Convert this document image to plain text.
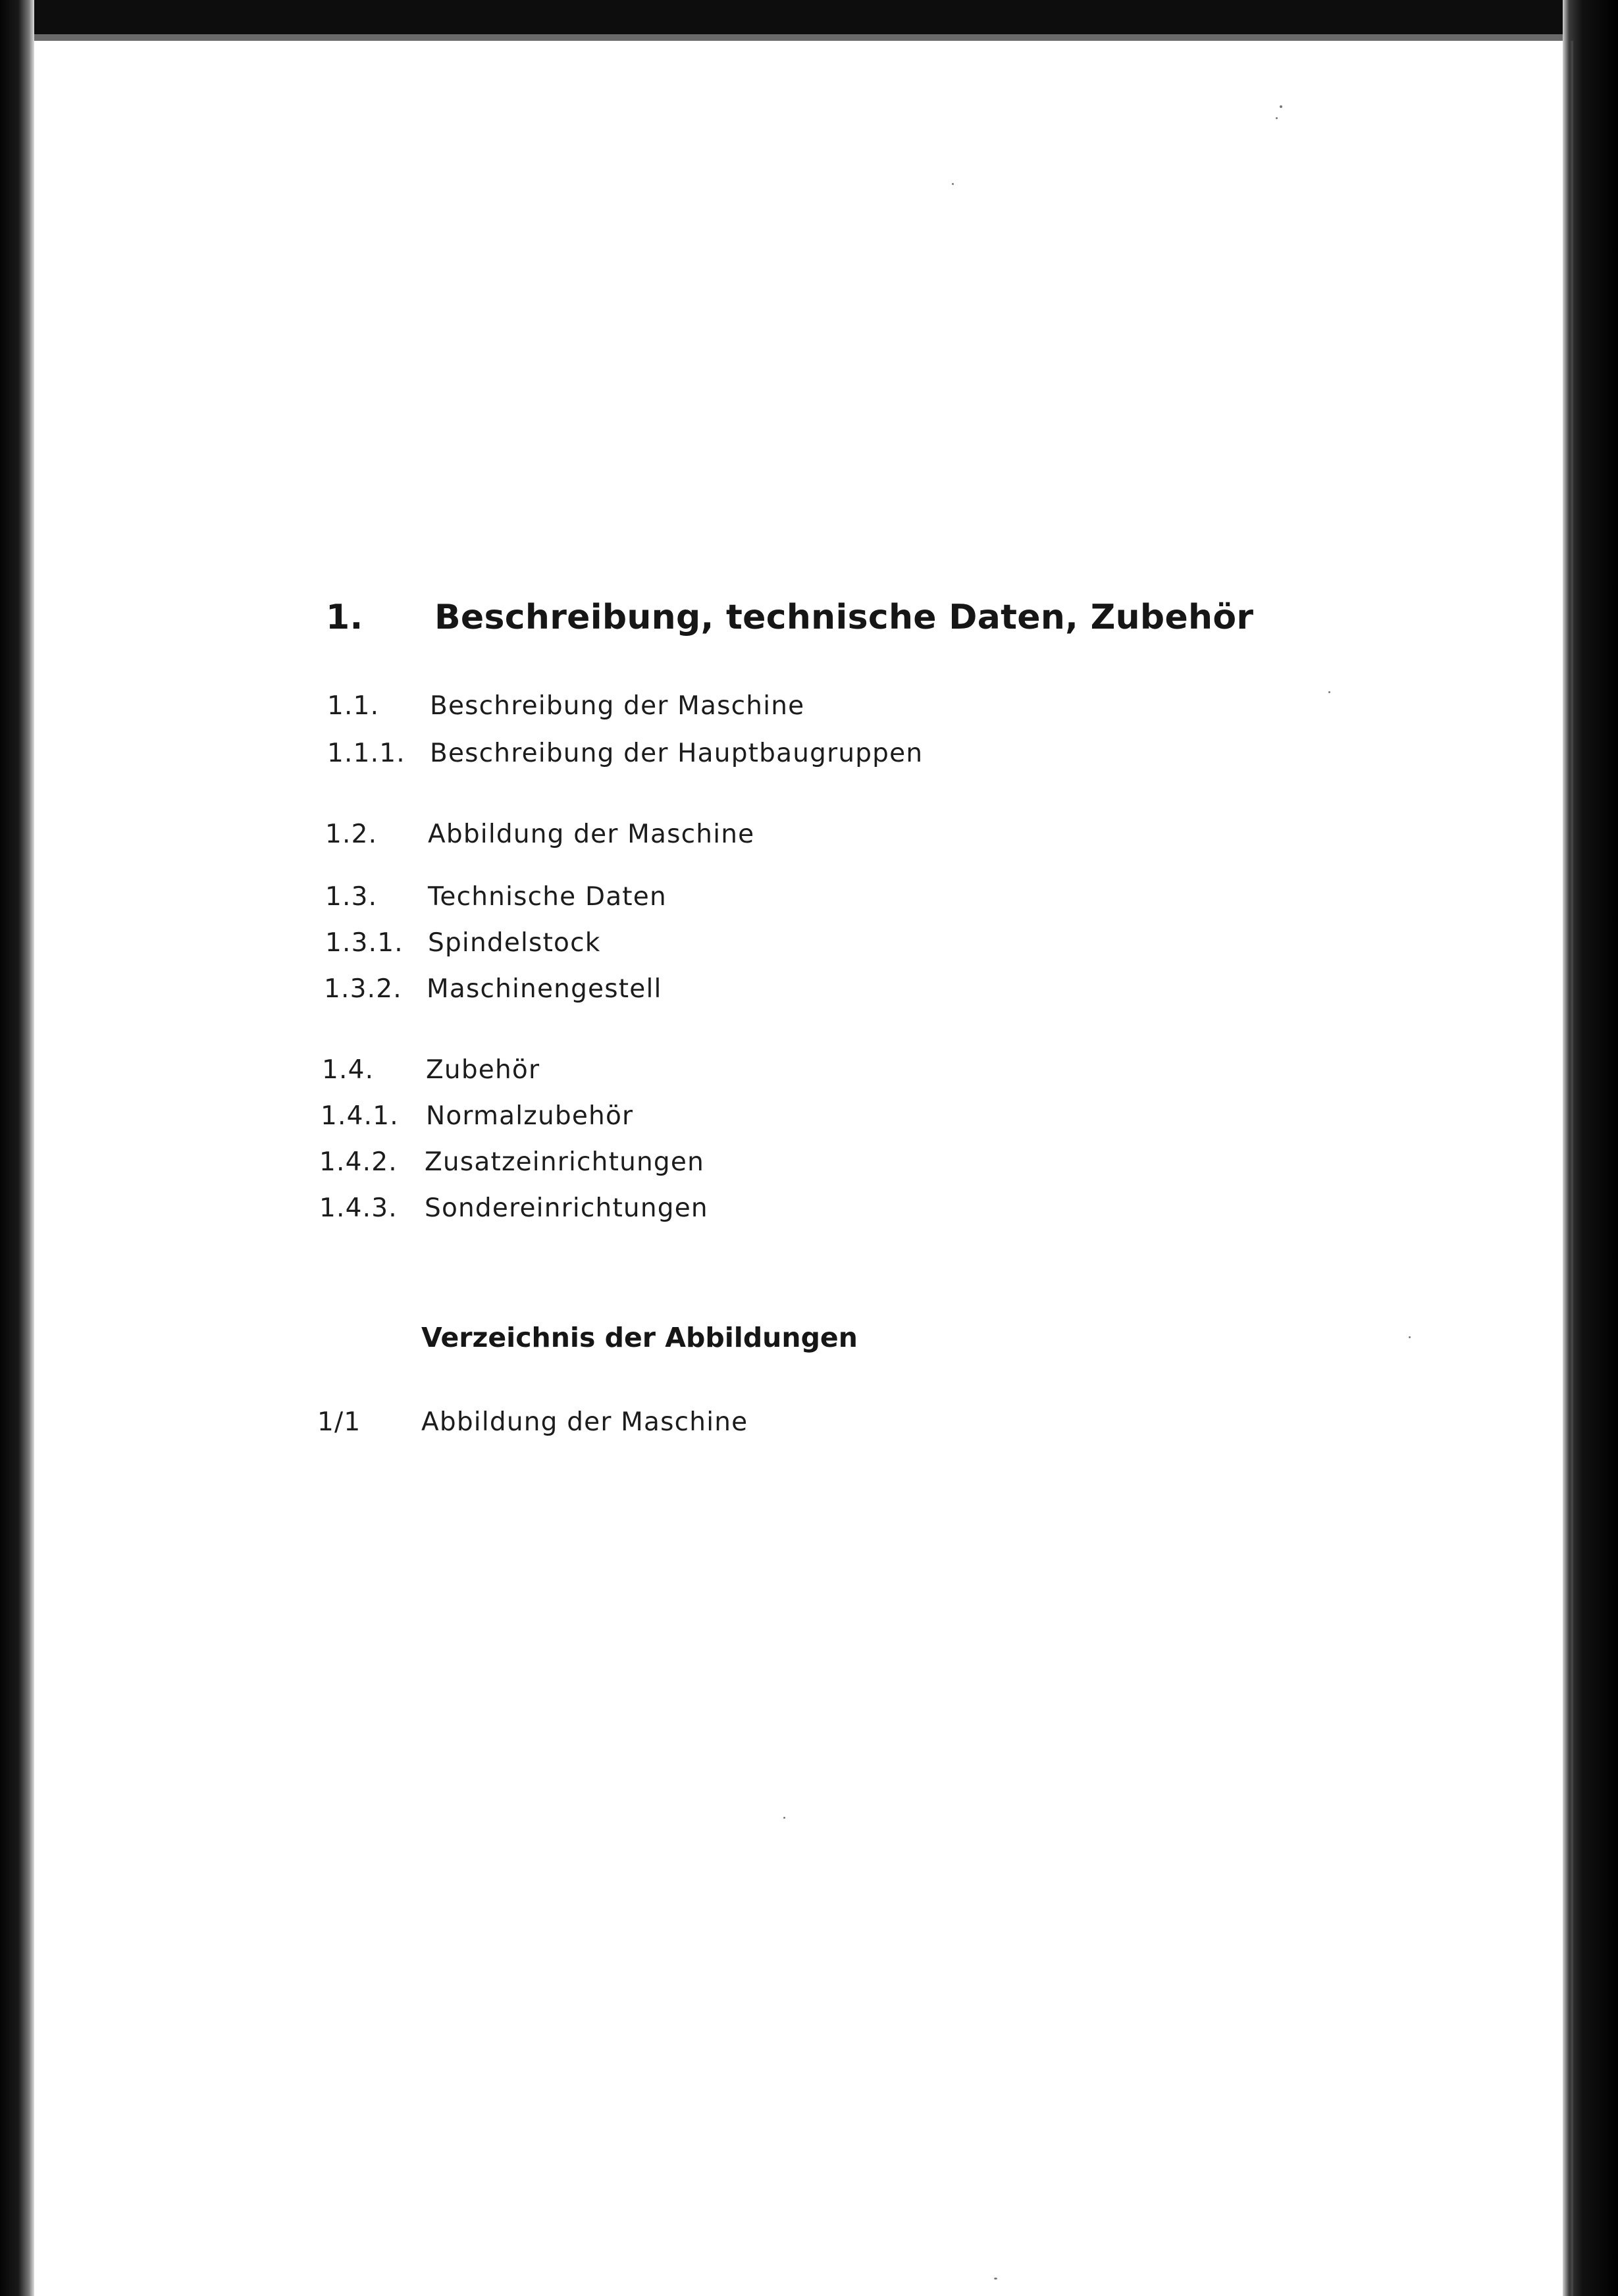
1. Beschreibung, technische Daten, Zubehör
1.1. Beschreibung der Maschine
1.1.1. Beschreibung der Hauptbaugruppen
1.2. Abbildung der Maschine
1.3. Technische Daten
1.3.1. Spindelstock
1.3.2. Maschinengestell
1.4. Zubehör
1.4.1. Normalzubehör
1.4.2. Zusatzeinrichtungen
1.4.3. Sondereinrichtungen
Verzeichnis der Abbildungen
1/1 Abbildung der Maschine
